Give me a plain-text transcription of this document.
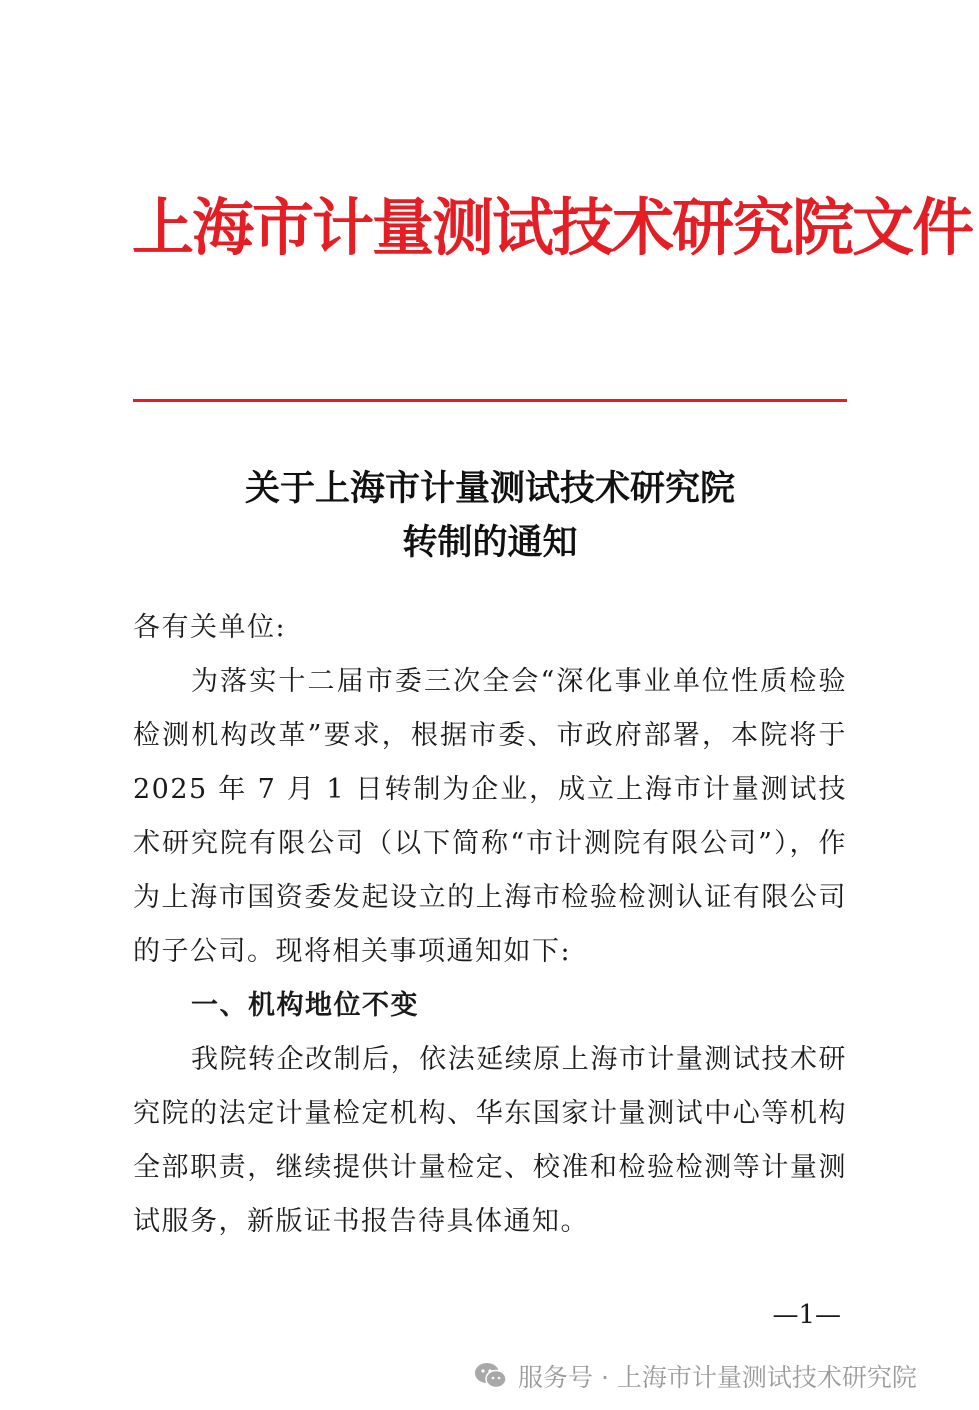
上海市计量测试技术研究院文件
关于上海市计量测试技术研究院
转制的通知

各有关单位:

为落实十二届市委三次全会“深化事业单位性质检验检测机构改革”要求，根据市委、市政府部署，本院将于 2025 年 7 月 1 日转制为企业，成立上海市计量测试技术研究院有限公司（以下简称“市计测院有限公司”），作为上海市国资委发起设立的上海市检验检测认证有限公司的子公司。现将相关事项通知如下:

一、机构地位不变

我院转企改制后，依法延续原上海市计量测试技术研究院的法定计量检定机构、华东国家计量测试中心等机构全部职责，继续提供计量检定、校准和检验检测等计量测试服务，新版证书报告待具体通知。

—1—
服务号 · 上海市计量测试技术研究院
